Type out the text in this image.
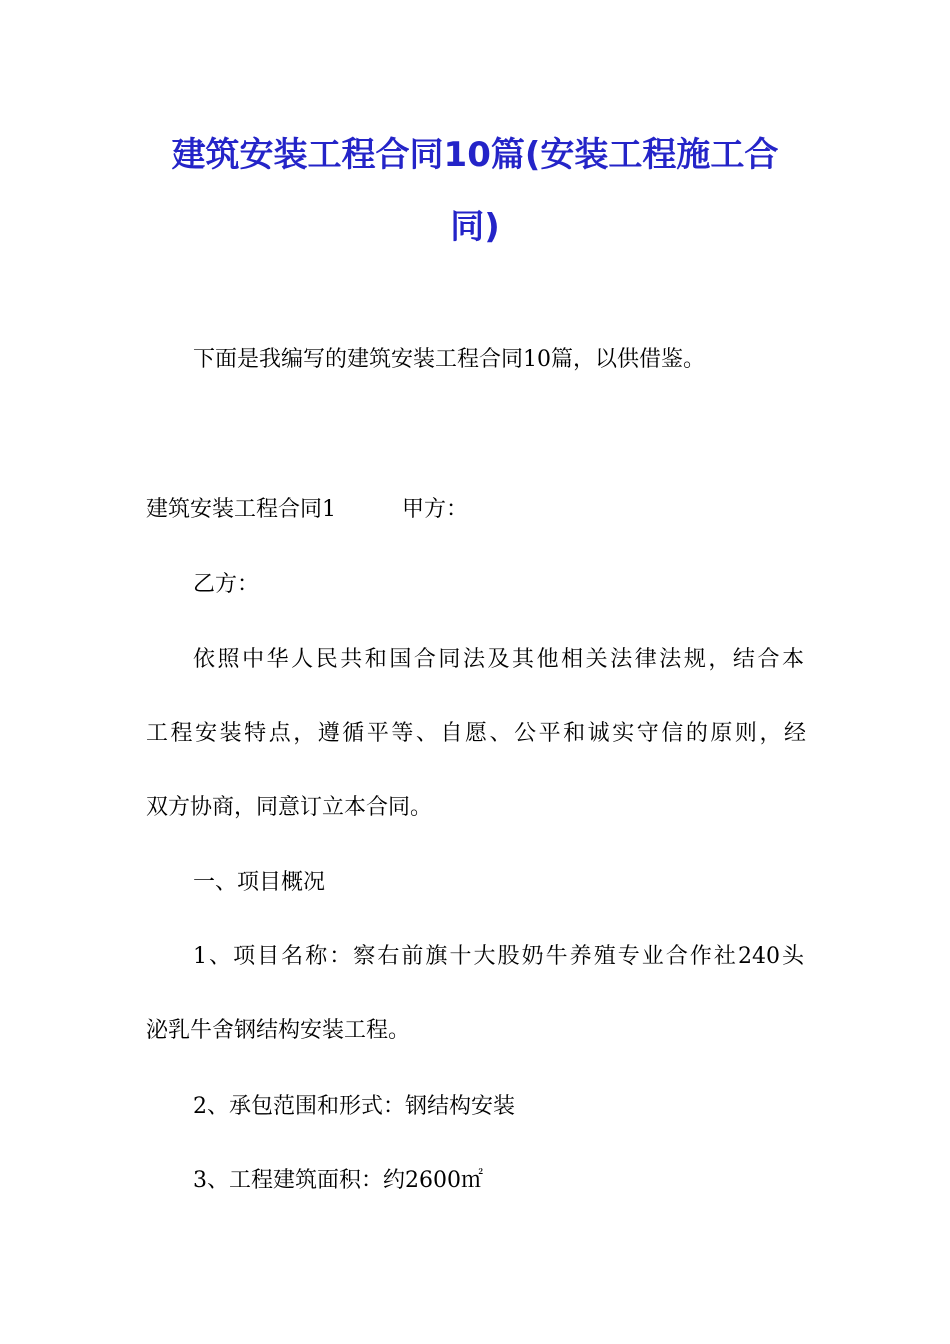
建筑安装工程合同10篇(安装工程施工合
同)
下面是我编写的建筑安装工程合同10篇，以供借鉴。
建筑安装工程合同1	甲方：
乙方：
依照中华人民共和国合同法及其他相关法律法规，结合本
工程安装特点，遵循平等、自愿、公平和诚实守信的原则，经
双方协商，同意订立本合同。
一、项目概况
1、项目名称：察右前旗十大股奶牛养殖专业合作社240头
泌乳牛舍钢结构安装工程。
2、承包范围和形式：钢结构安装
3、工程建筑面积：约2600㎡
